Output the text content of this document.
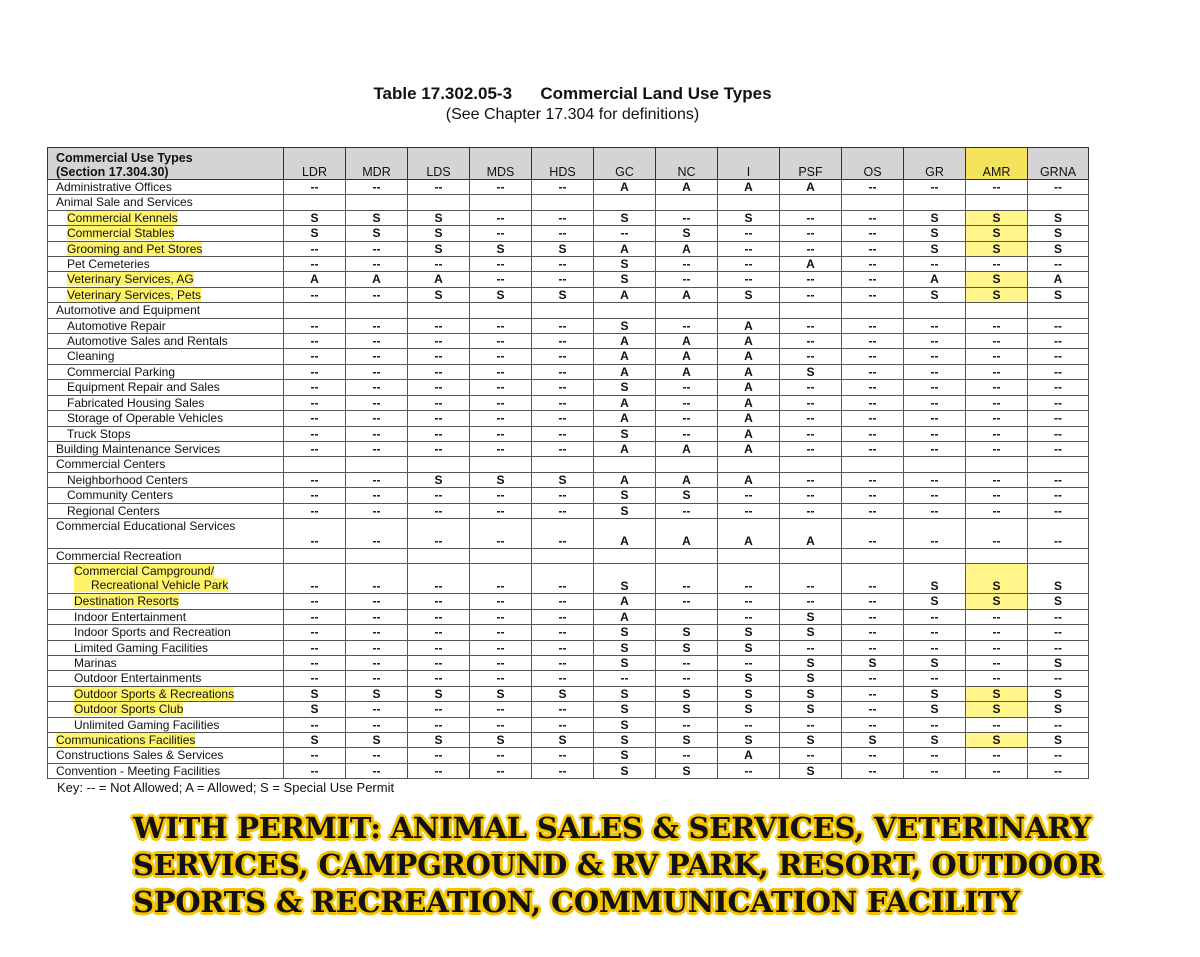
Table 17.302.05-3      Commercial Land Use Types
(See Chapter 17.304 for definitions)
Commercial Use Types
(Section 17.304.30)	LDR	MDR	LDS	MDS	HDS	GC	NC	I	PSF	OS	GR	AMR	GRNA
Administrative Offices	--	--	--	--	--	A	A	A	A	--	--	--	--
Animal Sale and Services													
Commercial Kennels	S	S	S	--	--	S	--	S	--	--	S	S	S
Commercial Stables	S	S	S	--	--	--	S	--	--	--	S	S	S
Grooming and Pet Stores	--	--	S	S	S	A	A	--	--	--	S	S	S
Pet Cemeteries	--	--	--	--	--	S	--	--	A	--	--	--	--
Veterinary Services, AG	A	A	A	--	--	S	--	--	--	--	A	S	A
Veterinary Services, Pets	--	--	S	S	S	A	A	S	--	--	S	S	S
Automotive and Equipment													
Automotive Repair	--	--	--	--	--	S	--	A	--	--	--	--	--
Automotive Sales and Rentals	--	--	--	--	--	A	A	A	--	--	--	--	--
Cleaning	--	--	--	--	--	A	A	A	--	--	--	--	--
Commercial Parking	--	--	--	--	--	A	A	A	S	--	--	--	--
Equipment Repair and Sales	--	--	--	--	--	S	--	A	--	--	--	--	--
Fabricated Housing Sales	--	--	--	--	--	A	--	A	--	--	--	--	--
Storage of Operable Vehicles	--	--	--	--	--	A	--	A	--	--	--	--	--
Truck Stops	--	--	--	--	--	S	--	A	--	--	--	--	--
Building Maintenance Services	--	--	--	--	--	A	A	A	--	--	--	--	--
Commercial Centers													
Neighborhood Centers	--	--	S	S	S	A	A	A	--	--	--	--	--
Community Centers	--	--	--	--	--	S	S	--	--	--	--	--	--
Regional Centers	--	--	--	--	--	S	--	--	--	--	--	--	--
Commercial Educational Services	--	--	--	--	--	A	A	A	A	--	--	--	--
Commercial Recreation													
Commercial Campground/
Recreational Vehicle Park	--	--	--	--	--	S	--	--	--	--	S	S	S
Destination Resorts	--	--	--	--	--	A	--	--	--	--	S	S	S
Indoor Entertainment	--	--	--	--	--	A		--	S	--	--	--	--
Indoor Sports and Recreation	--	--	--	--	--	S	S	S	S	--	--	--	--
Limited Gaming Facilities	--	--	--	--	--	S	S	S	--	--	--	--	--
Marinas	--	--	--	--	--	S	--	--	S	S	S	--	S
Outdoor Entertainments	--	--	--	--	--	--	--	S	S	--	--	--	--
Outdoor Sports & Recreations	S	S	S	S	S	S	S	S	S	--	S	S	S
Outdoor Sports Club	S	--	--	--	--	S	S	S	S	--	S	S	S
Unlimited Gaming Facilities	--	--	--	--	--	S	--	--	--	--	--	--	--
Communications Facilities	S	S	S	S	S	S	S	S	S	S	S	S	S
Constructions Sales & Services	--	--	--	--	--	S	--	A	--	--	--	--	--
Convention - Meeting Facilities	--	--	--	--	--	S	S	--	S	--	--	--	--
Key: -- = Not Allowed; A = Allowed; S = Special Use Permit
WITH PERMIT: ANIMAL SALES & SERVICES, VETERINARY
SERVICES, CAMPGROUND & RV PARK, RESORT, OUTDOOR
SPORTS & RECREATION, COMMUNICATION FACILITY
